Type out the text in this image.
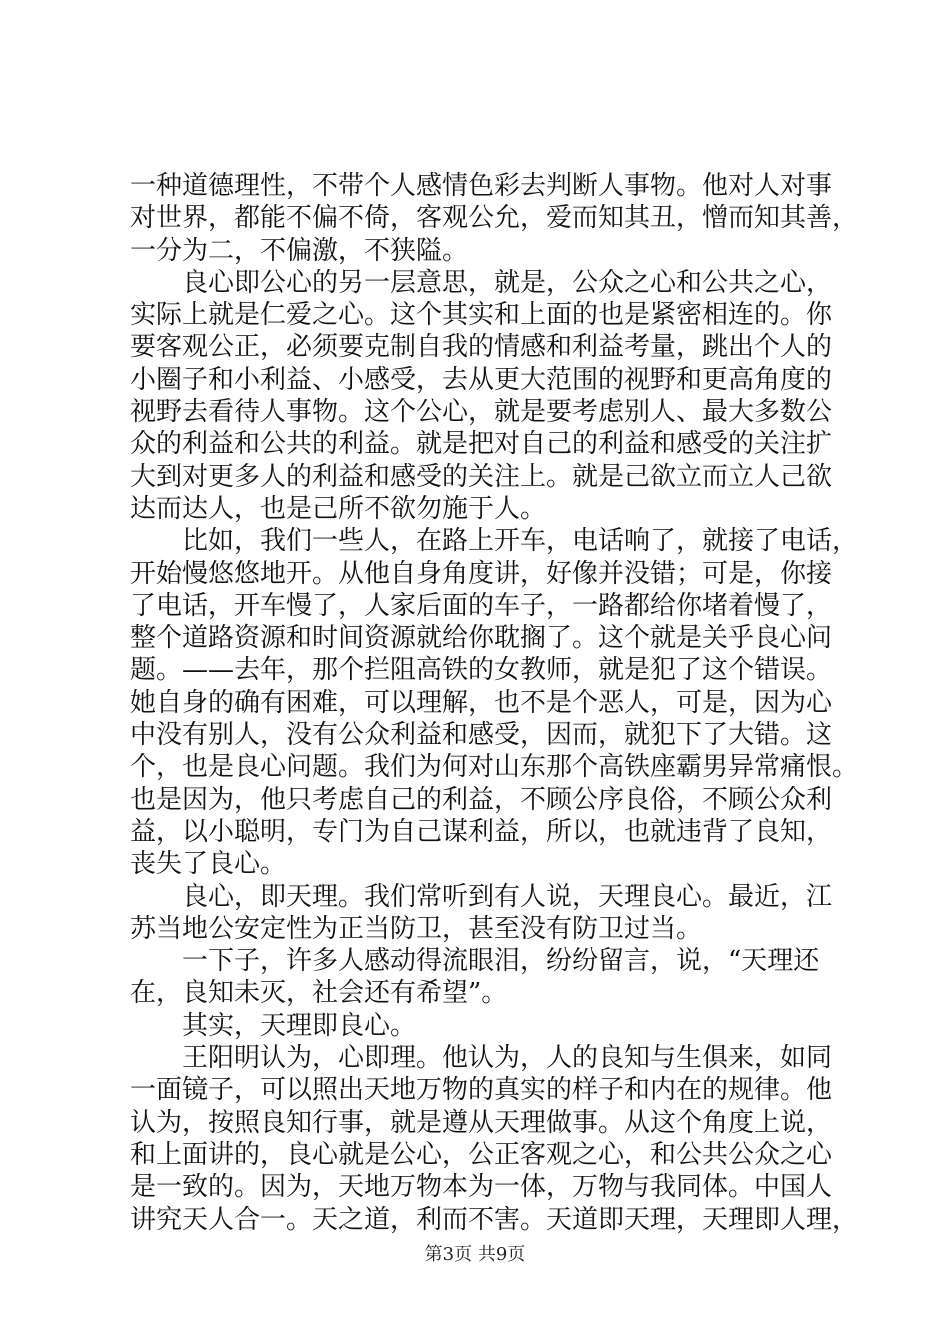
一种道德理性，不带个人感情色彩去判断人事物。他对人对事
对世界，都能不偏不倚，客观公允，爱而知其丑，憎而知其善，
一分为二，不偏激，不狭隘。
良心即公心的另一层意思，就是，公众之心和公共之心，
实际上就是仁爱之心。这个其实和上面的也是紧密相连的。你
要客观公正，必须要克制自我的情感和利益考量，跳出个人的
小圈子和小利益、小感受，去从更大范围的视野和更高角度的
视野去看待人事物。这个公心，就是要考虑别人、最大多数公
众的利益和公共的利益。就是把对自己的利益和感受的关注扩
大到对更多人的利益和感受的关注上。就是己欲立而立人己欲
达而达人，也是己所不欲勿施于人。
比如，我们一些人，在路上开车，电话响了，就接了电话，
开始慢悠悠地开。从他自身角度讲，好像并没错；可是，你接
了电话，开车慢了，人家后面的车子，一路都给你堵着慢了，
整个道路资源和时间资源就给你耽搁了。这个就是关乎良心问
题。——去年，那个拦阻高铁的女教师，就是犯了这个错误。
她自身的确有困难，可以理解，也不是个恶人，可是，因为心
中没有别人，没有公众利益和感受，因而，就犯下了大错。这
个，也是良心问题。我们为何对山东那个高铁座霸男异常痛恨。
也是因为，他只考虑自己的利益，不顾公序良俗，不顾公众利
益，以小聪明，专门为自己谋利益，所以，也就违背了良知，
丧失了良心。
良心，即天理。我们常听到有人说，天理良心。最近，江
苏当地公安定性为正当防卫，甚至没有防卫过当。
一下子，许多人感动得流眼泪，纷纷留言，说，“天理还
在，良知未灭，社会还有希望”。
其实，天理即良心。
王阳明认为，心即理。他认为，人的良知与生俱来，如同
一面镜子，可以照出天地万物的真实的样子和内在的规律。他
认为，按照良知行事，就是遵从天理做事。从这个角度上说，
和上面讲的，良心就是公心，公正客观之心，和公共公众之心
是一致的。因为，天地万物本为一体，万物与我同体。中国人
讲究天人合一。天之道，利而不害。天道即天理，天理即人理，
第3页 共9页
